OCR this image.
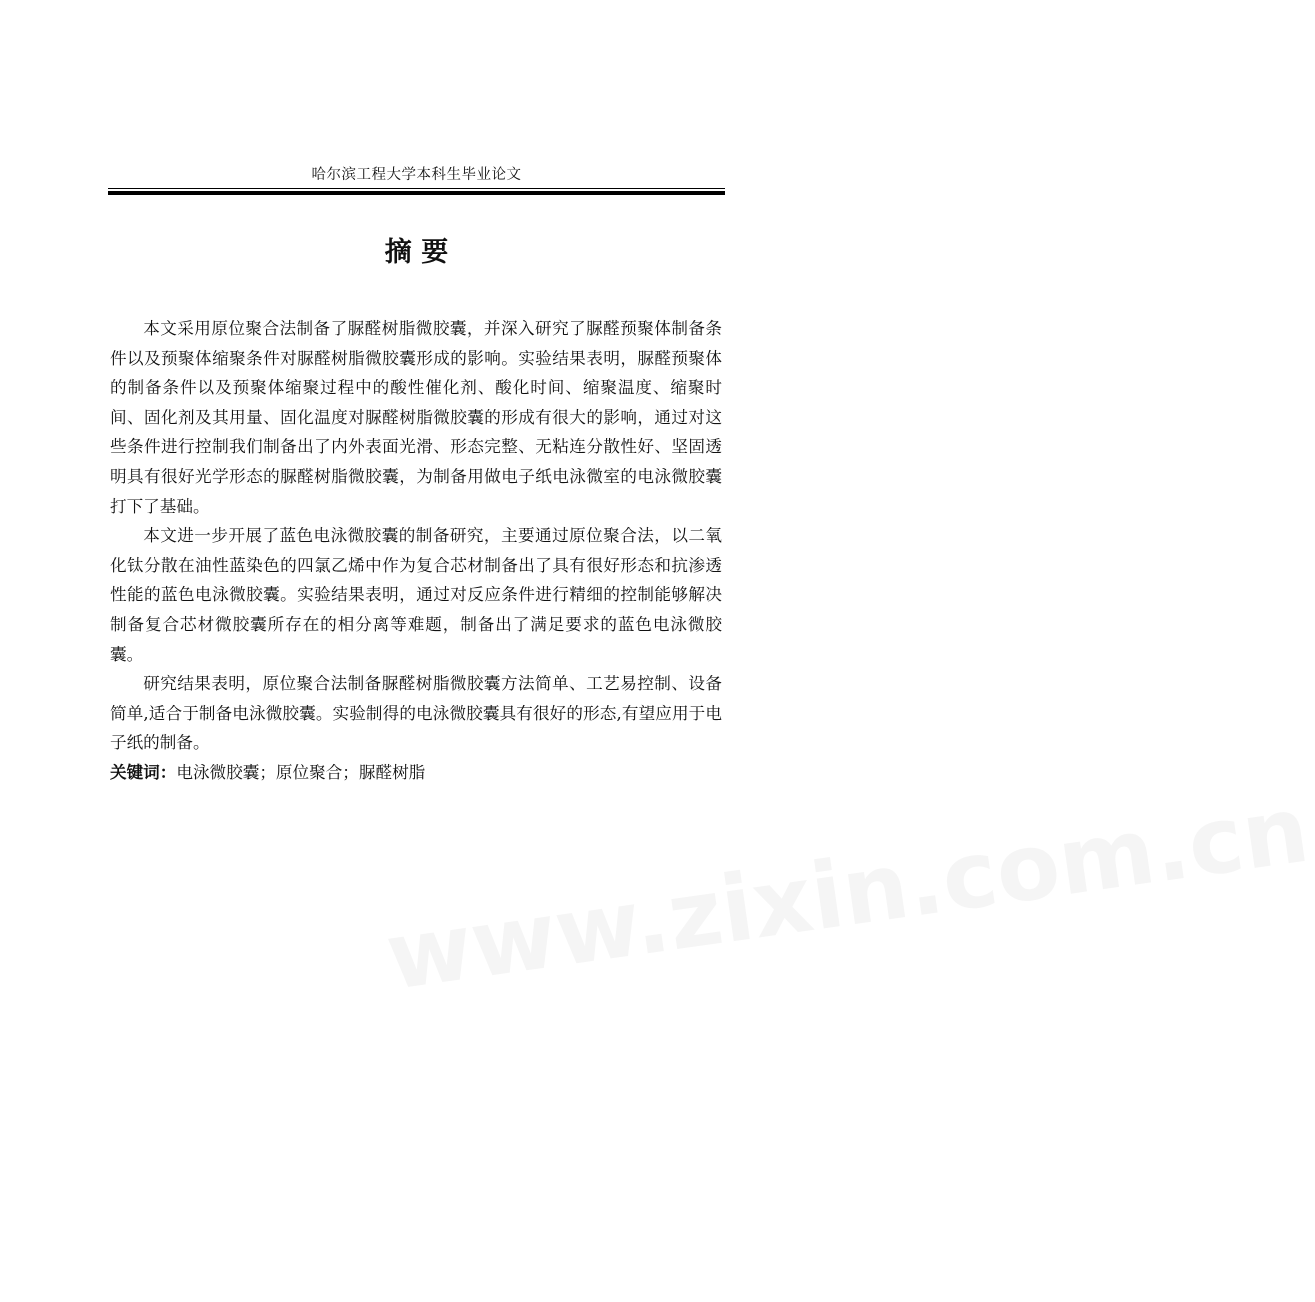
哈尔滨工程大学本科生毕业论文
摘 要

本文采用原位聚合法制备了脲醛树脂微胶囊，并深入研究了脲醛预聚体制备条件以及预聚体缩聚条件对脲醛树脂微胶囊形成的影响。实验结果表明，脲醛预聚体的制备条件以及预聚体缩聚过程中的酸性催化剂、酸化时间、缩聚温度、缩聚时间、固化剂及其用量、固化温度对脲醛树脂微胶囊的形成有很大的影响，通过对这些条件进行控制我们制备出了内外表面光滑、形态完整、无粘连分散性好、坚固透明具有很好光学形态的脲醛树脂微胶囊，为制备用做电子纸电泳微室的电泳微胶囊打下了基础。

本文进一步开展了蓝色电泳微胶囊的制备研究，主要通过原位聚合法，以二氧化钛分散在油性蓝染色的四氯乙烯中作为复合芯材制备出了具有很好形态和抗渗透性能的蓝色电泳微胶囊。实验结果表明，通过对反应条件进行精细的控制能够解决制备复合芯材微胶囊所存在的相分离等难题，制备出了满足要求的蓝色电泳微胶囊。

研究结果表明，原位聚合法制备脲醛树脂微胶囊方法简单、工艺易控制、设备简单,适合于制备电泳微胶囊。实验制得的电泳微胶囊具有很好的形态,有望应用于电子纸的制备。

关键词：电泳微胶囊；原位聚合；脲醛树脂

www.zixin.com.cn
